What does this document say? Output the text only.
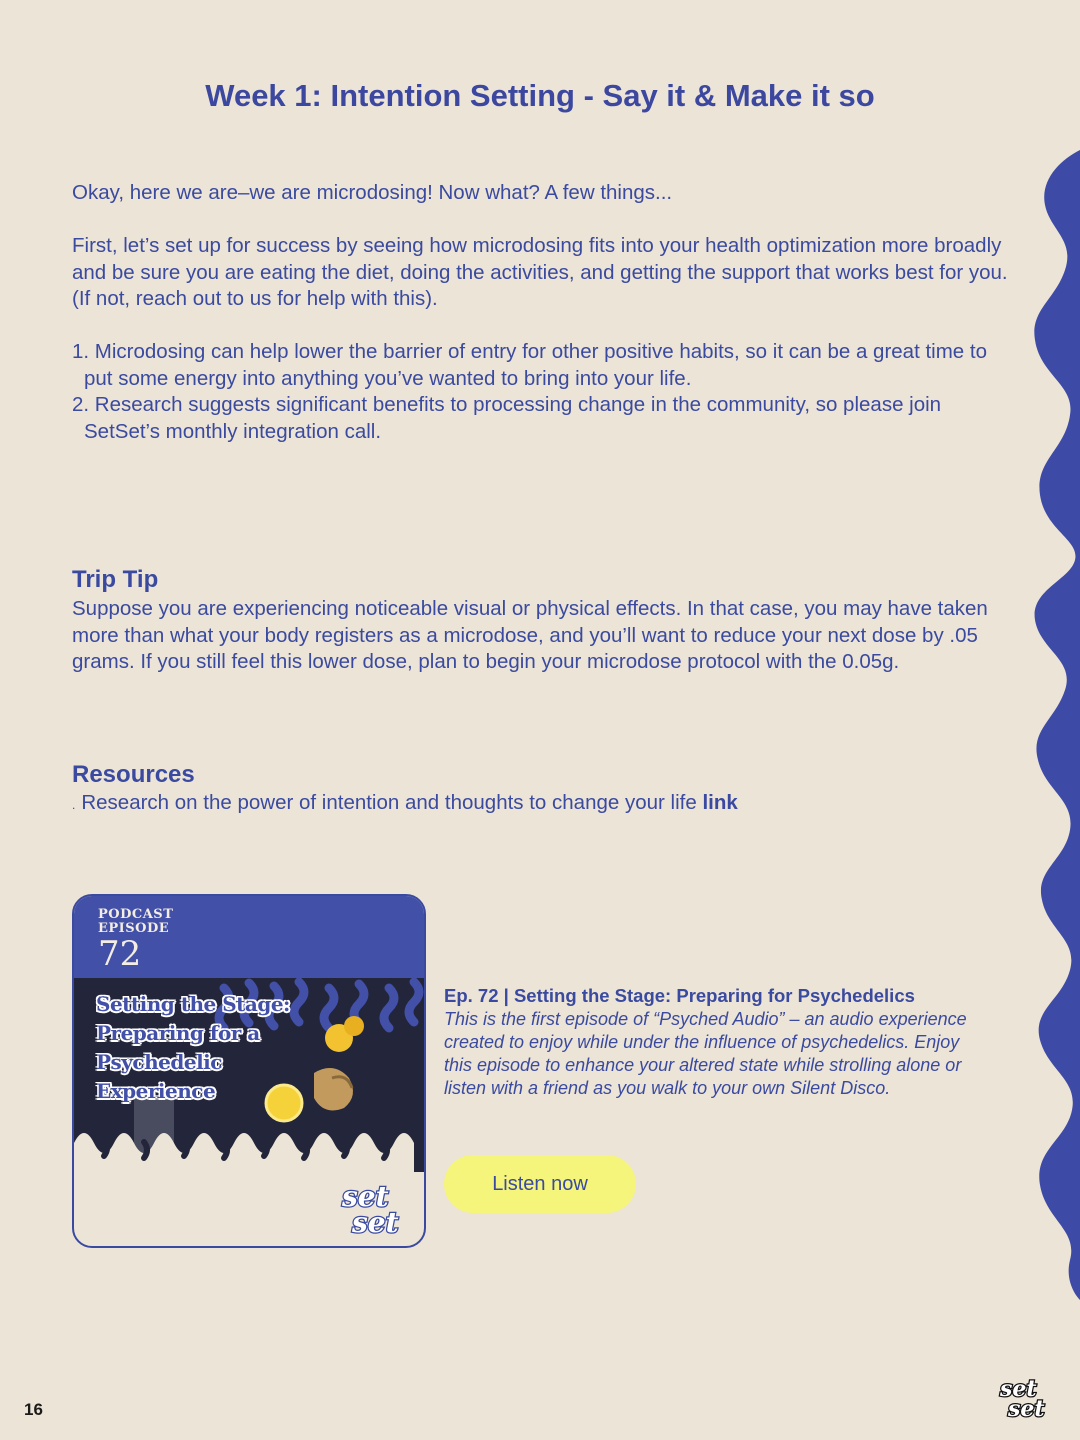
Week 1: Intention Setting - Say it & Make it so

Okay, here we are–we are microdosing! Now what? A few things...

First, let’s set up for success by seeing how microdosing fits into your health optimization more broadly and be sure you are eating the diet, doing the activities, and getting the support that works best for you. (If not, reach out to us for help with this).

1. Microdosing can help lower the barrier of entry for other positive habits, so it can be a great time to put some energy into anything you’ve wanted to bring into your life.

2. Research suggests significant benefits to processing change in the community, so please join SetSet’s monthly integration call.

Trip Tip

Suppose you are experiencing noticeable visual or physical effects. In that case, you may have taken more than what your body registers as a microdose, and you’ll want to reduce your next dose by .05 grams. If you still feel this lower dose, plan to begin your microdose protocol with the 0.05g.

Resources
. Research on the power of intention and thoughts to change your life link
PODCAST
EPISODE
72
Setting the Stage: Preparing for a Psychedelic Experience
set
set
Ep. 72 | Setting the Stage: Preparing for Psychedelics

This is the first episode of “Psyched Audio” – an audio experience created to enjoy while under the influence of psychedelics. Enjoy this episode to enhance your altered state while strolling alone or listen with a friend as you walk to your own Silent Disco.

Listen now
16
set
set
